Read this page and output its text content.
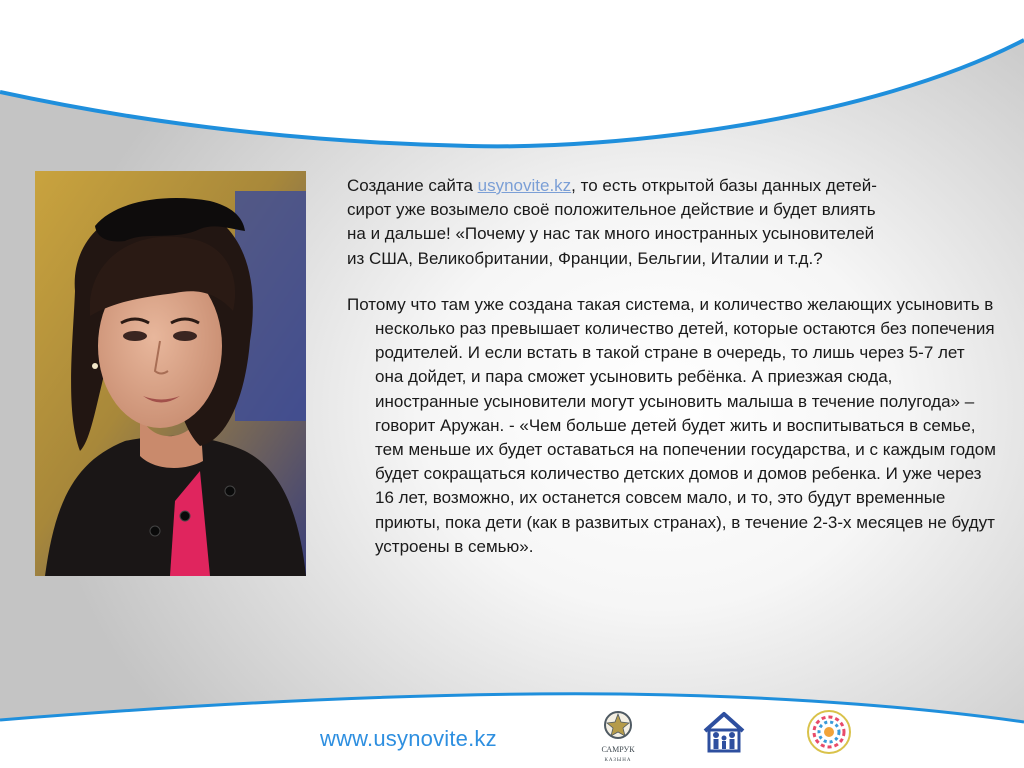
Создание сайта usynovite.kz, то есть открытой базы данных детей-сирот уже возымело своё положительное действие и будет влиять на и дальше! «Почему у нас так много иностранных усыновителей из США, Великобритании, Франции, Бельгии, Италии и т.д.?

Потому что там уже создана такая система, и количество желающих усыновить в несколько раз превышает количество детей, которые остаются без попечения родителей. И если встать в такой стране в очередь, то лишь через 5-7 лет она дойдет, и пара сможет усыновить ребёнка. А приезжая сюда, иностранные усыновители могут усыновить малыша в течение полугода» – говорит Аружан. - «Чем больше детей будет жить и воспитываться в семье, тем меньше их будет оставаться на попечении государства, и с каждым годом будет сокращаться количество детских домов и домов ребенка. И уже через 16 лет, возможно, их останется совсем мало, и то, это будут временные приюты, пока дети (как в развитых странах), в течение 2-3-х месяцев не будут устроены в семью».

www.usynovite.kz	САМРУК
КАЗЫНА
